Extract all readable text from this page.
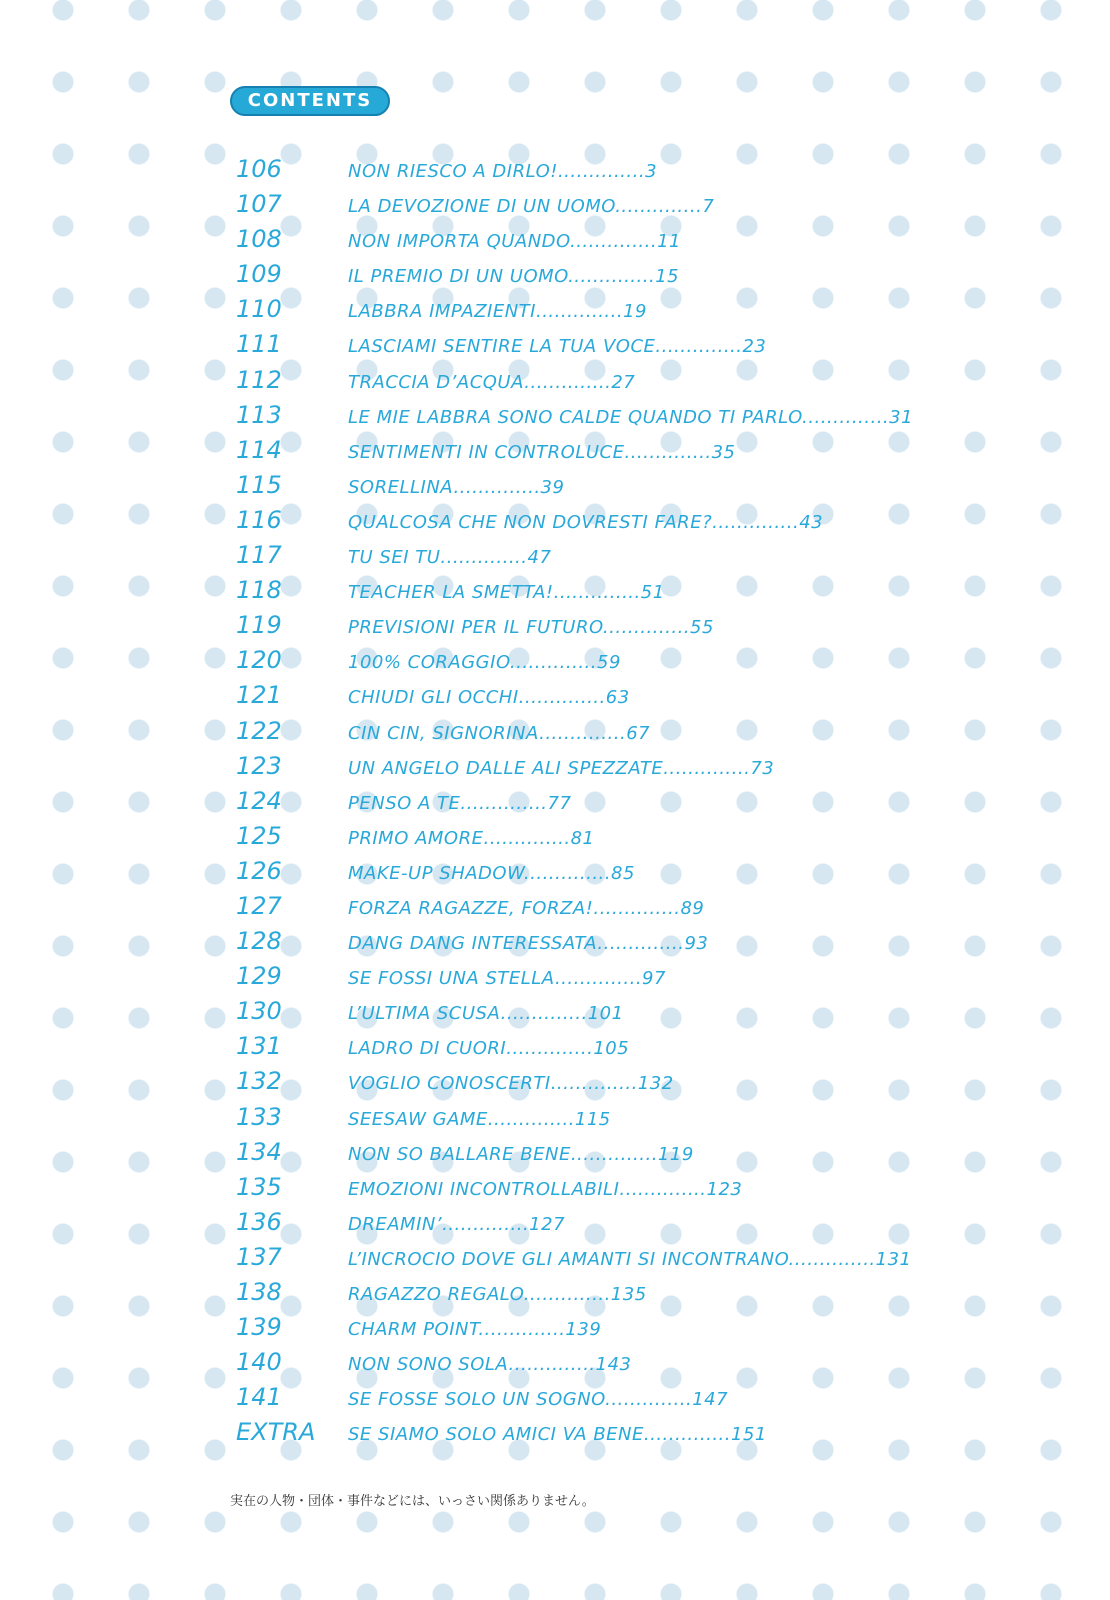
CONTENTS
106	NON RIESCO A DIRLO!..............3
107	LA DEVOZIONE DI UN UOMO..............7
108	NON IMPORTA QUANDO..............11
109	IL PREMIO DI UN UOMO..............15
110	LABBRA IMPAZIENTI..............19
111	LASCIAMI SENTIRE LA TUA VOCE..............23
112	TRACCIA D’ACQUA..............27
113	LE MIE LABBRA SONO CALDE QUANDO TI PARLO..............31
114	SENTIMENTI IN CONTROLUCE..............35
115	SORELLINA..............39
116	QUALCOSA CHE NON DOVRESTI FARE?..............43
117	TU SEI TU..............47
118	TEACHER LA SMETTA!..............51
119	PREVISIONI PER IL FUTURO..............55
120	100% CORAGGIO..............59
121	CHIUDI GLI OCCHI..............63
122	CIN CIN, SIGNORINA..............67
123	UN ANGELO DALLE ALI SPEZZATE..............73
124	PENSO A TE..............77
125	PRIMO AMORE..............81
126	MAKE-UP SHADOW..............85
127	FORZA RAGAZZE, FORZA!..............89
128	DANG DANG INTERESSATA..............93
129	SE FOSSI UNA STELLA..............97
130	L’ULTIMA SCUSA..............101
131	LADRO DI CUORI..............105
132	VOGLIO CONOSCERTI..............132
133	SEESAW GAME..............115
134	NON SO BALLARE BENE..............119
135	EMOZIONI INCONTROLLABILI..............123
136	DREAMIN’..............127
137	L’INCROCIO DOVE GLI AMANTI SI INCONTRANO..............131
138	RAGAZZO REGALO..............135
139	CHARM POINT..............139
140	NON SONO SOLA..............143
141	SE FOSSE SOLO UN SOGNO..............147
EXTRA	SE SIAMO SOLO AMICI VA BENE..............151
実在の人物・団体・事件などには、いっさい関係ありません。
